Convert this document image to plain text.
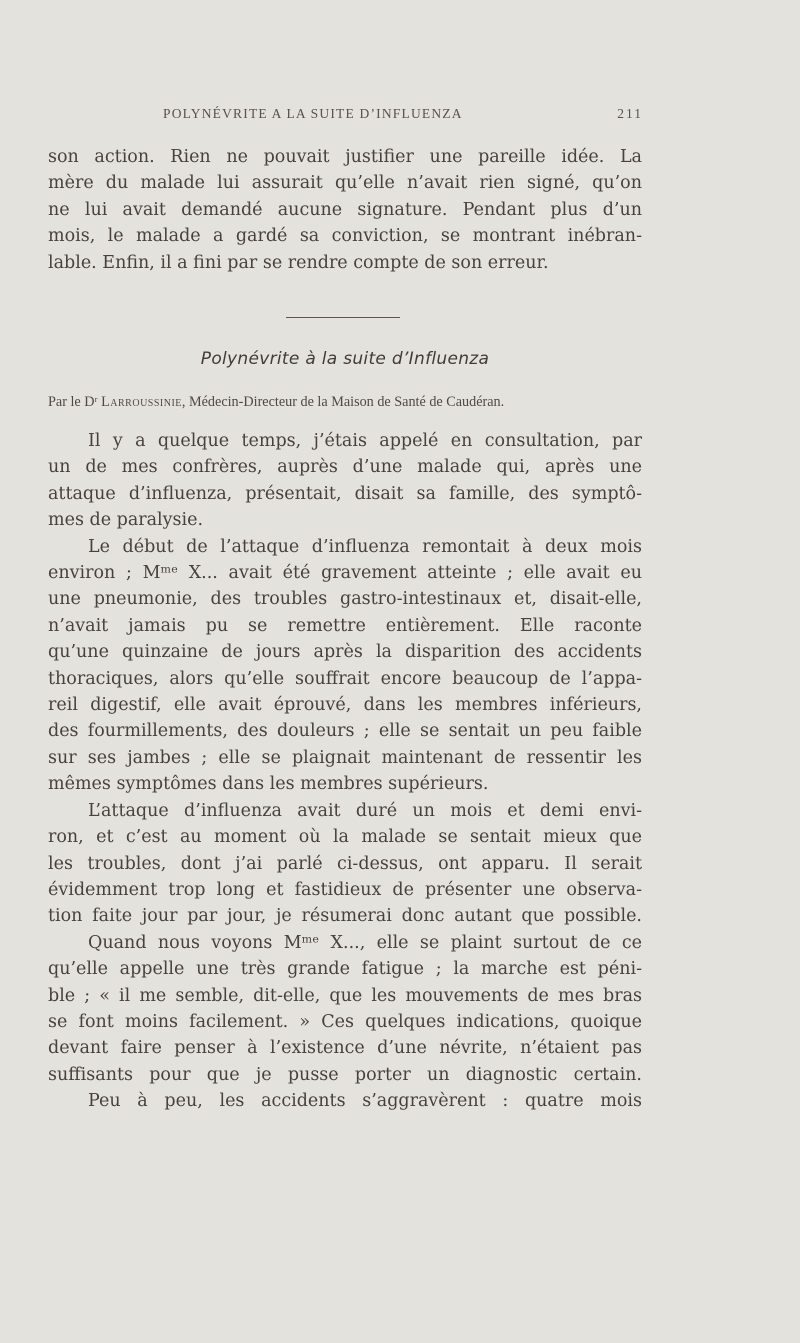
POLYNÉVRITE A LA SUITE D’INFLUENZA	211
son action. Rien ne pouvait justifier une pareille idée. La
mère du malade lui assurait qu’elle n’avait rien signé, qu’on
ne lui avait demandé aucune signature. Pendant plus d’un
mois, le malade a gardé sa conviction, se montrant inébran-
lable. Enfin, il a fini par se rendre compte de son erreur.
Polynévrite à la suite d’Influenza
Par le Dʳ Larroussinie, Médecin-Directeur de la Maison de Santé de Caudéran.
Il y a quelque temps, j’étais appelé en consultation, par
un de mes confrères, auprès d’une malade qui, après une
attaque d’influenza, présentait, disait sa famille, des symptô-
mes de paralysie.
Le début de l’attaque d’influenza remontait à deux mois
environ ; Mᵐᵉ X... avait été gravement atteinte ; elle avait eu
une pneumonie, des troubles gastro-intestinaux et, disait-elle,
n’avait jamais pu se remettre entièrement. Elle raconte
qu’une quinzaine de jours après la disparition des accidents
thoraciques, alors qu’elle souffrait encore beaucoup de l’appa-
reil digestif, elle avait éprouvé, dans les membres inférieurs,
des fourmillements, des douleurs ; elle se sentait un peu faible
sur ses jambes ; elle se plaignait maintenant de ressentir les
mêmes symptômes dans les membres supérieurs.
L’attaque d’influenza avait duré un mois et demi envi-
ron, et c’est au moment où la malade se sentait mieux que
les troubles, dont j’ai parlé ci-dessus, ont apparu. Il serait
évidemment trop long et fastidieux de présenter une observa-
tion faite jour par jour, je résumerai donc autant que possible.
Quand nous voyons Mᵐᵉ X..., elle se plaint surtout de ce
qu’elle appelle une très grande fatigue ; la marche est péni-
ble ; « il me semble, dit-elle, que les mouvements de mes bras
se font moins facilement. » Ces quelques indications, quoique
devant faire penser à l’existence d’une névrite, n’étaient pas
suffisants pour que je pusse porter un diagnostic certain.
Peu à peu, les accidents s’aggravèrent : quatre mois
